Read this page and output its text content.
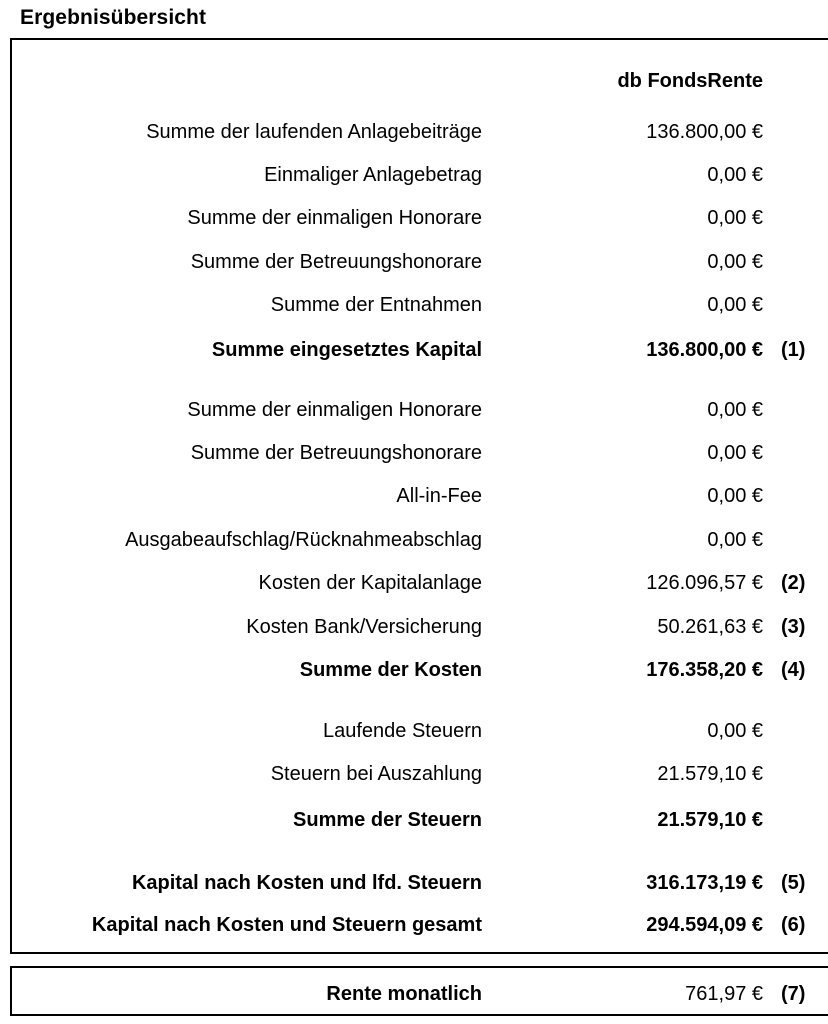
Ergebnisübersicht
db FondsRente
Summe der laufenden Anlagebeiträge	136.800,00 €
Einmaliger Anlagebetrag	0,00 €
Summe der einmaligen Honorare	0,00 €
Summe der Betreuungshonorare	0,00 €
Summe der Entnahmen	0,00 €
Summe eingesetztes Kapital	136.800,00 € (1)
Summe der einmaligen Honorare	0,00 €
Summe der Betreuungshonorare	0,00 €
All-in-Fee	0,00 €
Ausgabeaufschlag/Rücknahmeabschlag	0,00 €
Kosten der Kapitalanlage	126.096,57 € (2)
Kosten Bank/Versicherung	50.261,63 € (3)
Summe der Kosten	176.358,20 € (4)
Laufende Steuern	0,00 €
Steuern bei Auszahlung	21.579,10 €
Summe der Steuern	21.579,10 €
Kapital nach Kosten und lfd. Steuern	316.173,19 € (5)
Kapital nach Kosten und Steuern gesamt	294.594,09 € (6)
Rente monatlich	761,97 € (7)
